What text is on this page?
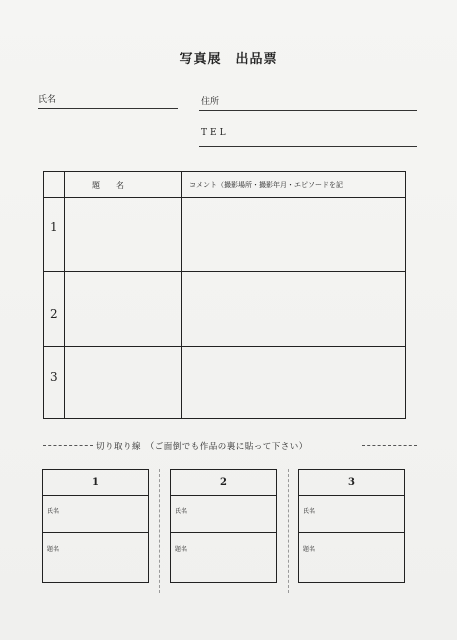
写真展　出品票
氏名	住所
TEL
題　　名	コメント（撮影場所・撮影年月・エピソードを記
1
2
3
切り取り線　（ご面倒でも作品の裏に貼って下さい）
1
氏名
題名
2
氏名
題名
3
氏名
題名
